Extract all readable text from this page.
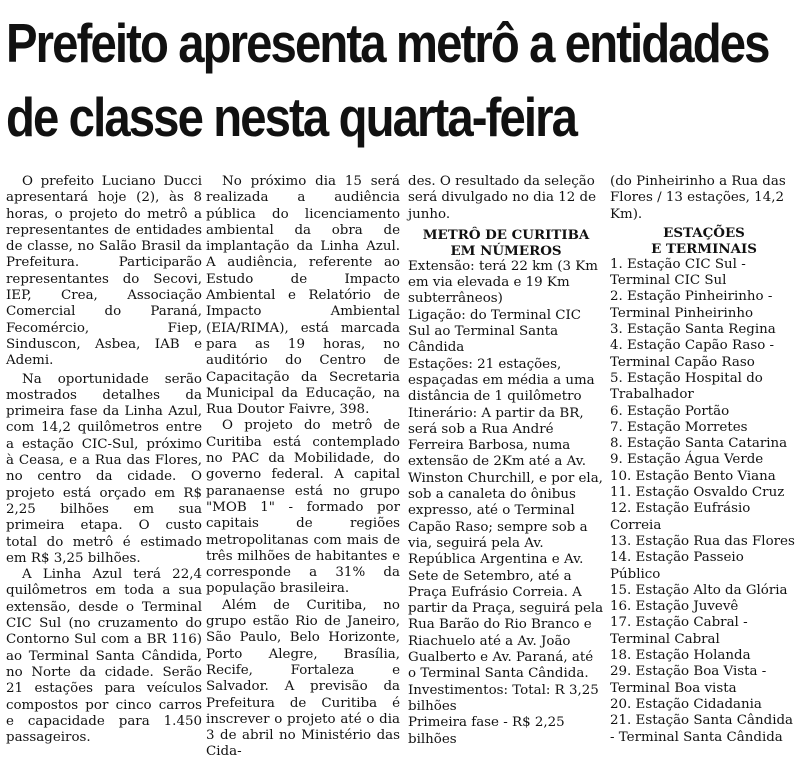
Prefeito apresenta metrô a entidades
de classe nesta quarta-feira

O prefeito Luciano Ducci apresentará hoje (2), às 8 horas, o projeto do metrô a representantes de entidades de classe, no Salão Brasil da Prefeitura. Participarão representantes do Secovi, IEP, Crea, Associação Comercial do Paraná, Fecomércio, Fiep, Sinduscon, Asbea, IAB e Ademi.

Na oportunidade serão mostrados detalhes da primeira fase da Linha Azul, com 14,2 quilômetros entre a estação CIC-Sul, próximo à Ceasa, e a Rua das Flores, no centro da cidade. O projeto está orçado em R$ 2,25 bilhões em sua primeira etapa. O custo total do metrô é estimado em R$ 3,25 bilhões.

A Linha Azul terá 22,4 quilômetros em toda a sua extensão, desde o Terminal CIC Sul (no cruzamento do Contorno Sul com a BR 116) ao Terminal Santa Cândida, no Norte da cidade. Serão 21 estações para veículos compostos por cinco carros e capacidade para 1.450 passageiros.

No próximo dia 15 será realizada a audiência pública do licenciamento ambiental da obra de implantação da Linha Azul. A audiência, referente ao Estudo de Impacto Ambiental e Relatório de Impacto Ambiental (EIA/RIMA), está marcada para as 19 horas, no auditório do Centro de Capacitação da Secretaria Municipal da Educação, na Rua Doutor Faivre, 398.

O projeto do metrô de Curitiba está contemplado no PAC da Mobilidade, do governo federal. A capital paranaense está no grupo "MOB 1" - formado por capitais de regiões metropolitanas com mais de três milhões de habitantes e corresponde a 31% da população brasileira.

Além de Curitiba, no grupo estão Rio de Janeiro, São Paulo, Belo Horizonte, Porto Alegre, Brasília, Recife, Fortaleza e Salvador. A previsão da Prefeitura de Curitiba é inscrever o projeto até o dia 3 de abril no Ministério das Cida-

des. O resultado da seleção será divulgado no dia 12 de junho.

METRÔ DE CURITIBA
EM NÚMEROS

Extensão: terá 22 km (3 Km em via elevada e 19 Km subterrâneos)

Ligação: do Terminal CIC Sul ao Terminal Santa Cândida

Estações: 21 estações, espaçadas em média a uma distância de 1 quilômetro

Itinerário: A partir da BR, será sob a Rua André Ferreira Barbosa, numa extensão de 2Km até a Av. Winston Churchill, e por ela, sob a canaleta do ônibus expresso, até o Terminal Capão Raso; sempre sob a via, seguirá pela Av. República Argentina e Av. Sete de Setembro, até a Praça Eufrásio Correia. A partir da Praça, seguirá pela Rua Barão do Rio Branco e Riachuelo até a Av. João Gualberto e Av. Paraná, até o Terminal Santa Cândida.

Investimentos: Total: R 3,25 bilhões

Primeira fase - R$ 2,25 bilhões

(do Pinheirinho a Rua das Flores / 13 estações, 14,2 Km).

ESTAÇÕES
E TERMINAIS
1. Estação CIC Sul -Terminal CIC Sul
2. Estação Pinheirinho - Terminal Pinheirinho
3. Estação Santa Regina
4. Estação Capão Raso - Terminal Capão Raso
5. Estação Hospital do Trabalhador
6. Estação Portão
7. Estação Morretes
8. Estação Santa Catarina
9. Estação Água Verde
10. Estação Bento Viana
11. Estação Osvaldo Cruz
12. Estação Eufrásio Correia
13. Estação Rua das Flores
14. Estação Passeio Público
15. Estação Alto da Glória
16. Estação Juvevê
17. Estação Cabral - Terminal Cabral
18. Estação Holanda
29. Estação Boa Vista - Terminal Boa vista
20. Estação Cidadania
21. Estação Santa Cândida - Terminal Santa Cândida
